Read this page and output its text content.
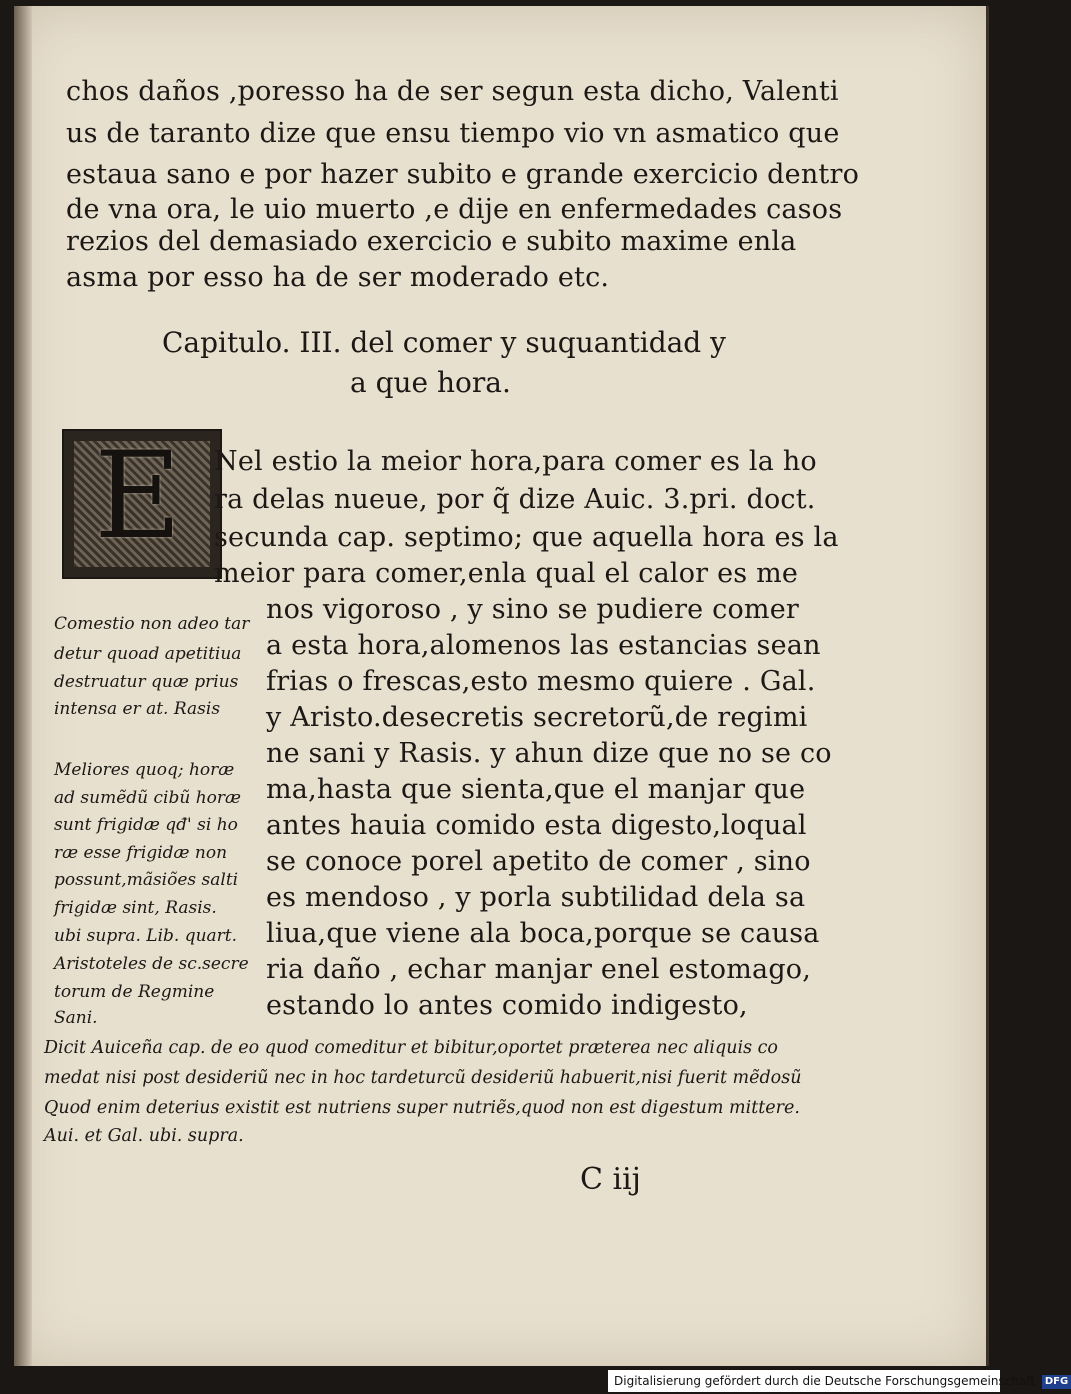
chos daños ,poresso ha de ser segun esta dicho, Valenti
us de taranto dize que ensu tiempo vio vn asmatico que
estaua sano e por hazer subito e grande exercicio dentro
de vna ora, le uio muerto ,e dije en enfermedades casos
rezios del demasiado exercicio e subito maxime enla
asma por esso ha de ser moderado etc.
Capitulo. III. del comer y suquantidad y
a que hora.
E Nel estio la meior hora,para comer es la ho
ra delas nueue, por q̃ dize Auic. 3.pri. doct.
secunda cap. septimo; que aquella hora es la
meior para comer,enla qual el calor es me
nos vigoroso , y sino se pudiere comer
a esta hora,alomenos las estancias sean
frias o frescas,esto mesmo quiere . Gal.
y Aristo.desecretis secretorũ,de regimi
ne sani y Rasis. y ahun dize que no se co
ma,hasta que sienta,que el manjar que
antes hauia comido esta digesto,loqual
se conoce porel apetito de comer , sino
es mendoso , y porla subtilidad dela sa
liua,que viene ala boca,porque se causa
ria daño , echar manjar enel estomago,
estando lo antes comido indigesto,
Comestio non adeo tar
detur quoad apetitiua
destruatur quæ prius
intensa er at. Rasis
Meliores quoq; horæ
ad sumẽdũ cibũ horæ
sunt frigidæ qđ' si ho
ræ esse frigidæ non
possunt,mãsiões salti
frigidæ sint, Rasis.
ubi supra. Lib. quart.
Aristoteles de sc.secre
torum de Regmine
Sani.
Dicit Auiceña cap. de eo quod comeditur et bibitur,oportet præterea nec aliquis co
medat nisi post desideriũ nec in hoc tardeturcũ desideriũ habuerit,nisi fuerit mẽdosũ
Quod enim deterius existit est nutriens super nutriẽs,quod non est digestum mittere.
Aui. et Gal. ubi. supra.
C iij
Digitalisierung gefördert durch die Deutsche Forschungsgemeinschaft DFG
